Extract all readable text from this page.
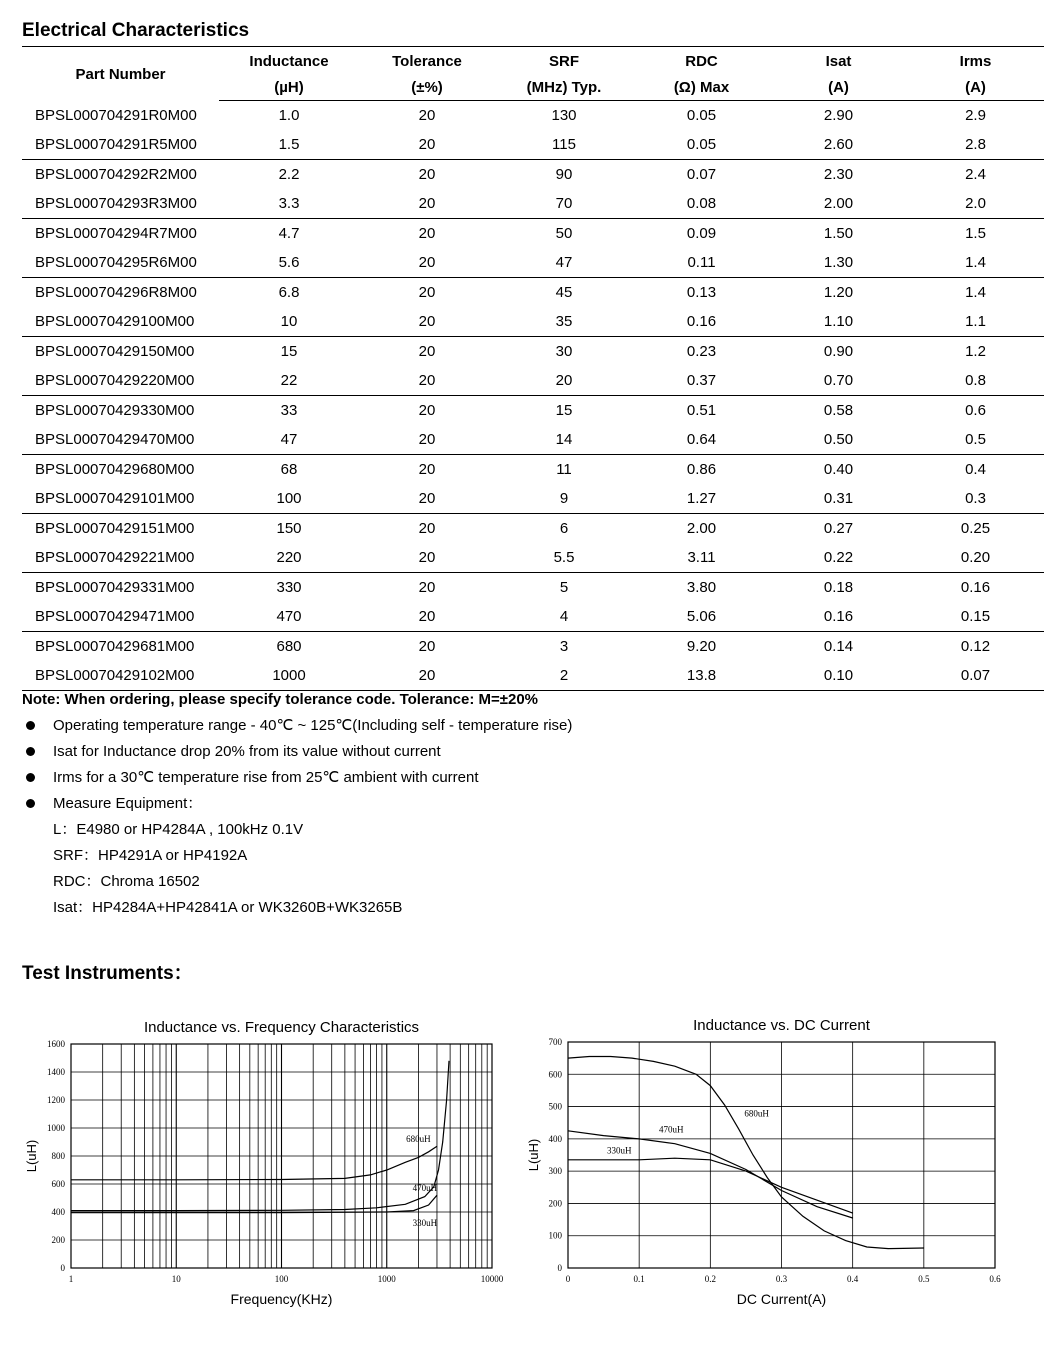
Electrical Characteristics
Part Number	Inductance	Tolerance	SRF	RDC	Isat	Irms
	(µH)	(±%)	(MHz) Typ.	(Ω) Max	(A)	(A)
BPSL000704291R0M00	1.0	20	130	0.05	2.90	2.9
BPSL000704291R5M00	1.5	20	115	0.05	2.60	2.8
BPSL000704292R2M00	2.2	20	90	0.07	2.30	2.4
BPSL000704293R3M00	3.3	20	70	0.08	2.00	2.0
BPSL000704294R7M00	4.7	20	50	0.09	1.50	1.5
BPSL000704295R6M00	5.6	20	47	0.11	1.30	1.4
BPSL000704296R8M00	6.8	20	45	0.13	1.20	1.4
BPSL00070429100M00	10	20	35	0.16	1.10	1.1
BPSL00070429150M00	15	20	30	0.23	0.90	1.2
BPSL00070429220M00	22	20	20	0.37	0.70	0.8
BPSL00070429330M00	33	20	15	0.51	0.58	0.6
BPSL00070429470M00	47	20	14	0.64	0.50	0.5
BPSL00070429680M00	68	20	11	0.86	0.40	0.4
BPSL00070429101M00	100	20	9	1.27	0.31	0.3
BPSL00070429151M00	150	20	6	2.00	0.27	0.25
BPSL00070429221M00	220	20	5.5	3.11	0.22	0.20
BPSL00070429331M00	330	20	5	3.80	0.18	0.16
BPSL00070429471M00	470	20	4	5.06	0.16	0.15
BPSL00070429681M00	680	20	3	9.20	0.14	0.12
BPSL00070429102M00	1000	20	2	13.8	0.10	0.07
Note: When ordering, please specify tolerance code. Tolerance: M=±20%
Operating temperature range - 40℃ ~ 125℃(Including self - temperature rise)
Isat for Inductance drop 20% from its value without current
Irms for a 30℃ temperature rise from 25℃ ambient with current
Measure Equipment：
L：E4980 or HP4284A , 100kHz 0.1V
SRF：HP4291A or HP4192A
RDC：Chroma 16502
Isat：HP4284A+HP42841A or WK3260B+WK3265B
Test Instruments：
1	10	100	1000	10000
0
200
400
600
800
1000
1200
1400
1600
Inductance vs. Frequency Characteristics
Frequency(KHz)
L(uH)
680uH
470uH
330uH
0	0.1	0.2	0.3	0.4	0.5	0.6
0
100
200
300
400
500
600
700
Inductance vs. DC Current
DC Current(A)
L(uH)
680uH
470uH
330uH
